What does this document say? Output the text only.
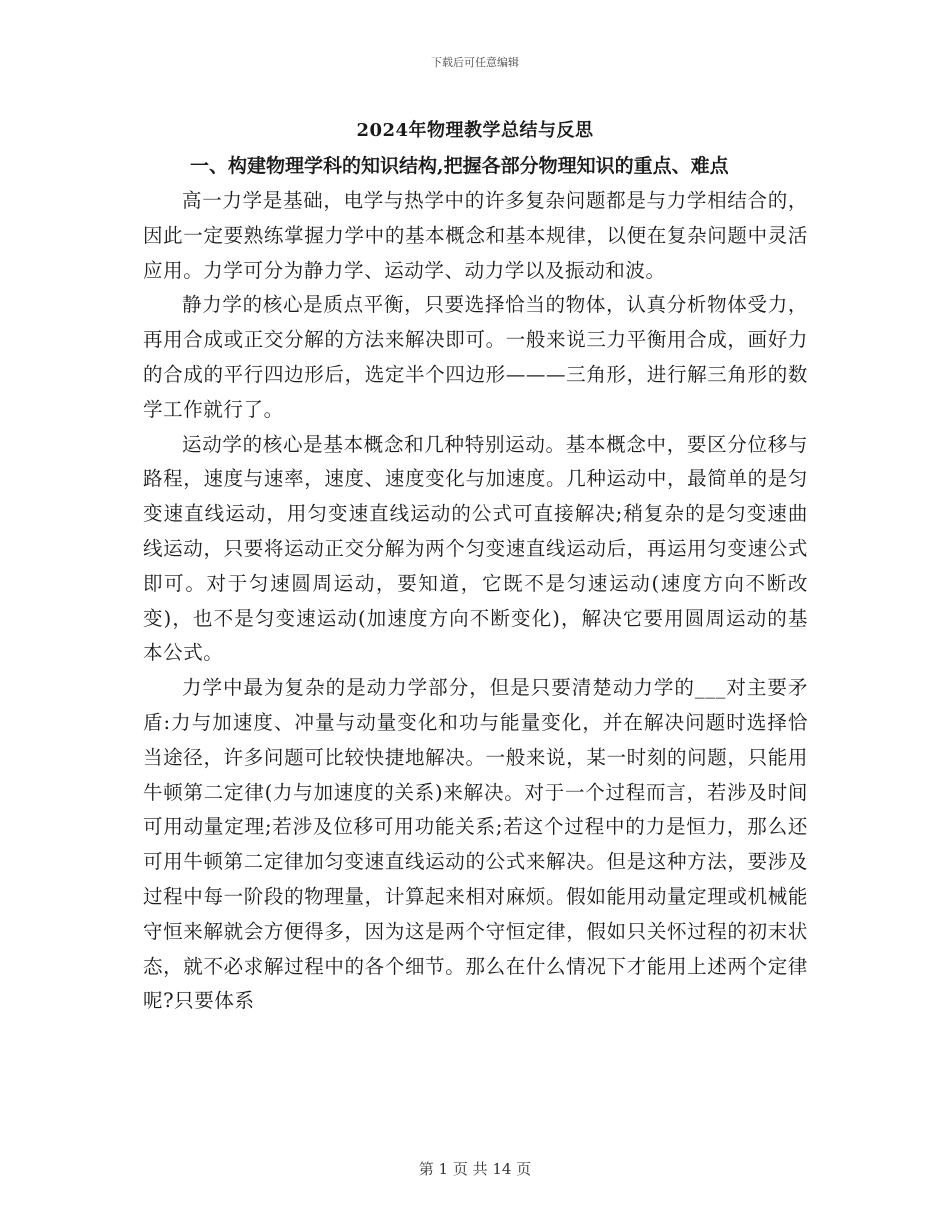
下载后可任意编辑
2024年物理教学总结与反思
一、构建物理学科的知识结构,把握各部分物理知识的重点、难点

高一力学是基础，电学与热学中的许多复杂问题都是与力学相结合的，因此一定要熟练掌握力学中的基本概念和基本规律，以便在复杂问题中灵活应用。力学可分为静力学、运动学、动力学以及振动和波。

静力学的核心是质点平衡，只要选择恰当的物体，认真分析物体受力，再用合成或正交分解的方法来解决即可。一般来说三力平衡用合成，画好力的合成的平行四边形后，选定半个四边形———三角形，进行解三角形的数学工作就行了。

运动学的核心是基本概念和几种特别运动。基本概念中，要区分位移与路程，速度与速率，速度、速度变化与加速度。几种运动中，最简单的是匀变速直线运动，用匀变速直线运动的公式可直接解决;稍复杂的是匀变速曲线运动，只要将运动正交分解为两个匀变速直线运动后，再运用匀变速公式即可。对于匀速圆周运动，要知道，它既不是匀速运动(速度方向不断改变)，也不是匀变速运动(加速度方向不断变化)，解决它要用圆周运动的基本公式。

力学中最为复杂的是动力学部分，但是只要清楚动力学的___对主要矛盾:力与加速度、冲量与动量变化和功与能量变化，并在解决问题时选择恰当途径，许多问题可比较快捷地解决。一般来说，某一时刻的问题，只能用牛顿第二定律(力与加速度的关系)来解决。对于一个过程而言，若涉及时间可用动量定理;若涉及位移可用功能关系;若这个过程中的力是恒力，那么还可用牛顿第二定律加匀变速直线运动的公式来解决。但是这种方法，要涉及过程中每一阶段的物理量，计算起来相对麻烦。假如能用动量定理或机械能守恒来解就会方便得多，因为这是两个守恒定律，假如只关怀过程的初末状态，就不必求解过程中的各个细节。那么在什么情况下才能用上述两个定律呢?只要体系

第 1 页 共 14 页
